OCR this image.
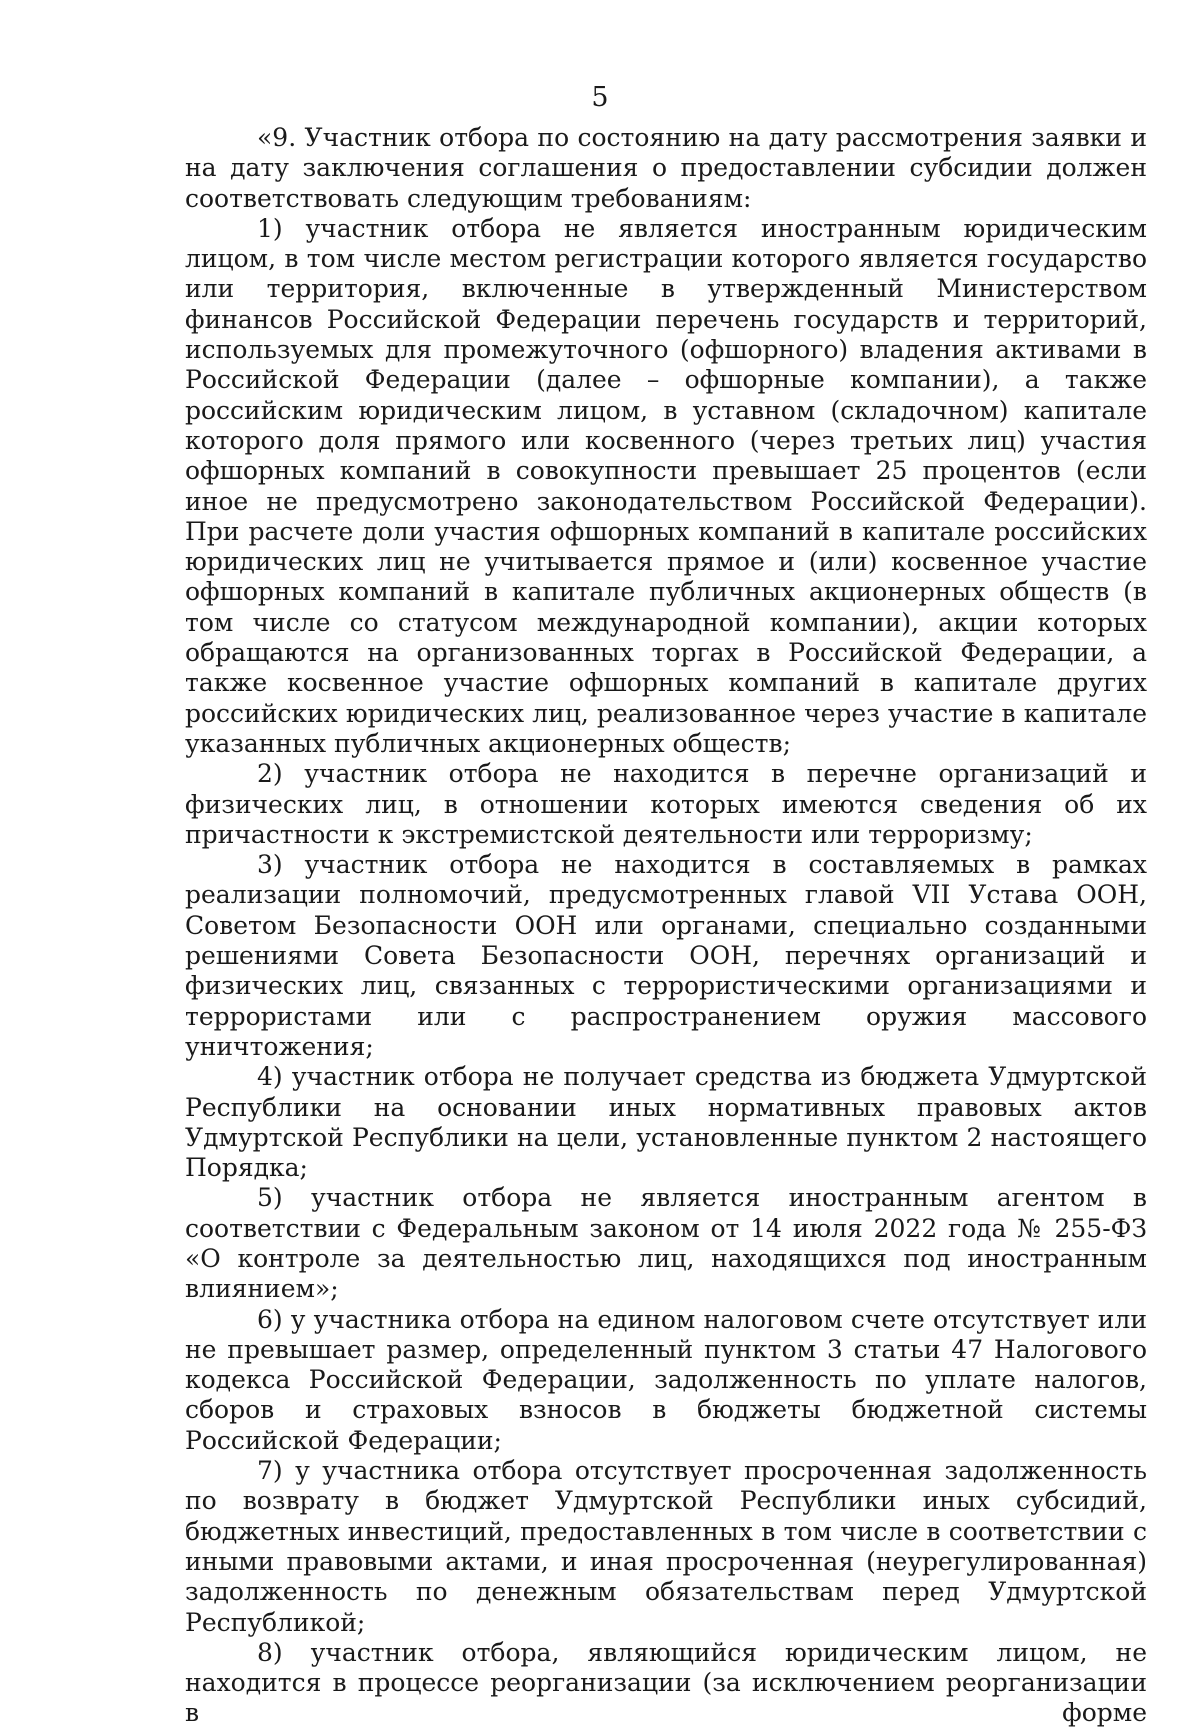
5

«9. Участник отбора по состоянию на дату рассмотрения заявки и на дату заключения соглашения о предоставлении субсидии должен соответствовать следующим требованиям:

1) участник отбора не является иностранным юридическим лицом, в том числе местом регистрации которого является государство или территория, включенные в утвержденный Министерством финансов Российской Федерации перечень государств и территорий, используемых для промежуточного (офшорного) владения активами в Российской Федерации (далее – офшорные компании), а также российским юридическим лицом, в уставном (складочном) капитале которого доля прямого или косвенного (через третьих лиц) участия офшорных компаний в совокупности превышает 25 процентов (если иное не предусмотрено законодательством Российской Федерации). При расчете доли участия офшорных компаний в капитале российских юридических лиц не учитывается прямое и (или) косвенное участие офшорных компаний в капитале публичных акционерных обществ (в том числе со статусом международной компании), акции которых обращаются на организованных торгах в Российской Федерации, а также косвенное участие офшорных компаний в капитале других российских юридических лиц, реализованное через участие в капитале указанных публичных акционерных обществ;

2) участник отбора не находится в перечне организаций и физических лиц, в отношении которых имеются сведения об их причастности к экстремистской деятельности или терроризму;

3) участник отбора не находится в составляемых в рамках реализации полномочий, предусмотренных главой VII Устава ООН, Советом Безопасности ООН или органами, специально созданными решениями Совета Безопасности ООН, перечнях организаций и физических лиц, связанных с террористическими организациями и террористами или с распространением оружия массового уничтожения;

4) участник отбора не получает средства из бюджета Удмуртской Республики на основании иных нормативных правовых актов Удмуртской Республики на цели, установленные пунктом 2 настоящего Порядка;

5) участник отбора не является иностранным агентом в соответствии с Федеральным законом от 14 июля 2022 года № 255-ФЗ «О контроле за деятельностью лиц, находящихся под иностранным влиянием»;

6) у участника отбора на едином налоговом счете отсутствует или не превышает размер, определенный пунктом 3 статьи 47 Налогового кодекса Российской Федерации, задолженность по уплате налогов, сборов и страховых взносов в бюджеты бюджетной системы Российской Федерации;

7) у участника отбора отсутствует просроченная задолженность по возврату в бюджет Удмуртской Республики иных субсидий, бюджетных инвестиций, предоставленных в том числе в соответствии с иными правовыми актами, и иная просроченная (неурегулированная) задолженность по денежным обязательствам перед Удмуртской Республикой;

8) участник отбора, являющийся юридическим лицом, не находится в процессе реорганизации (за исключением реорганизации в форме
